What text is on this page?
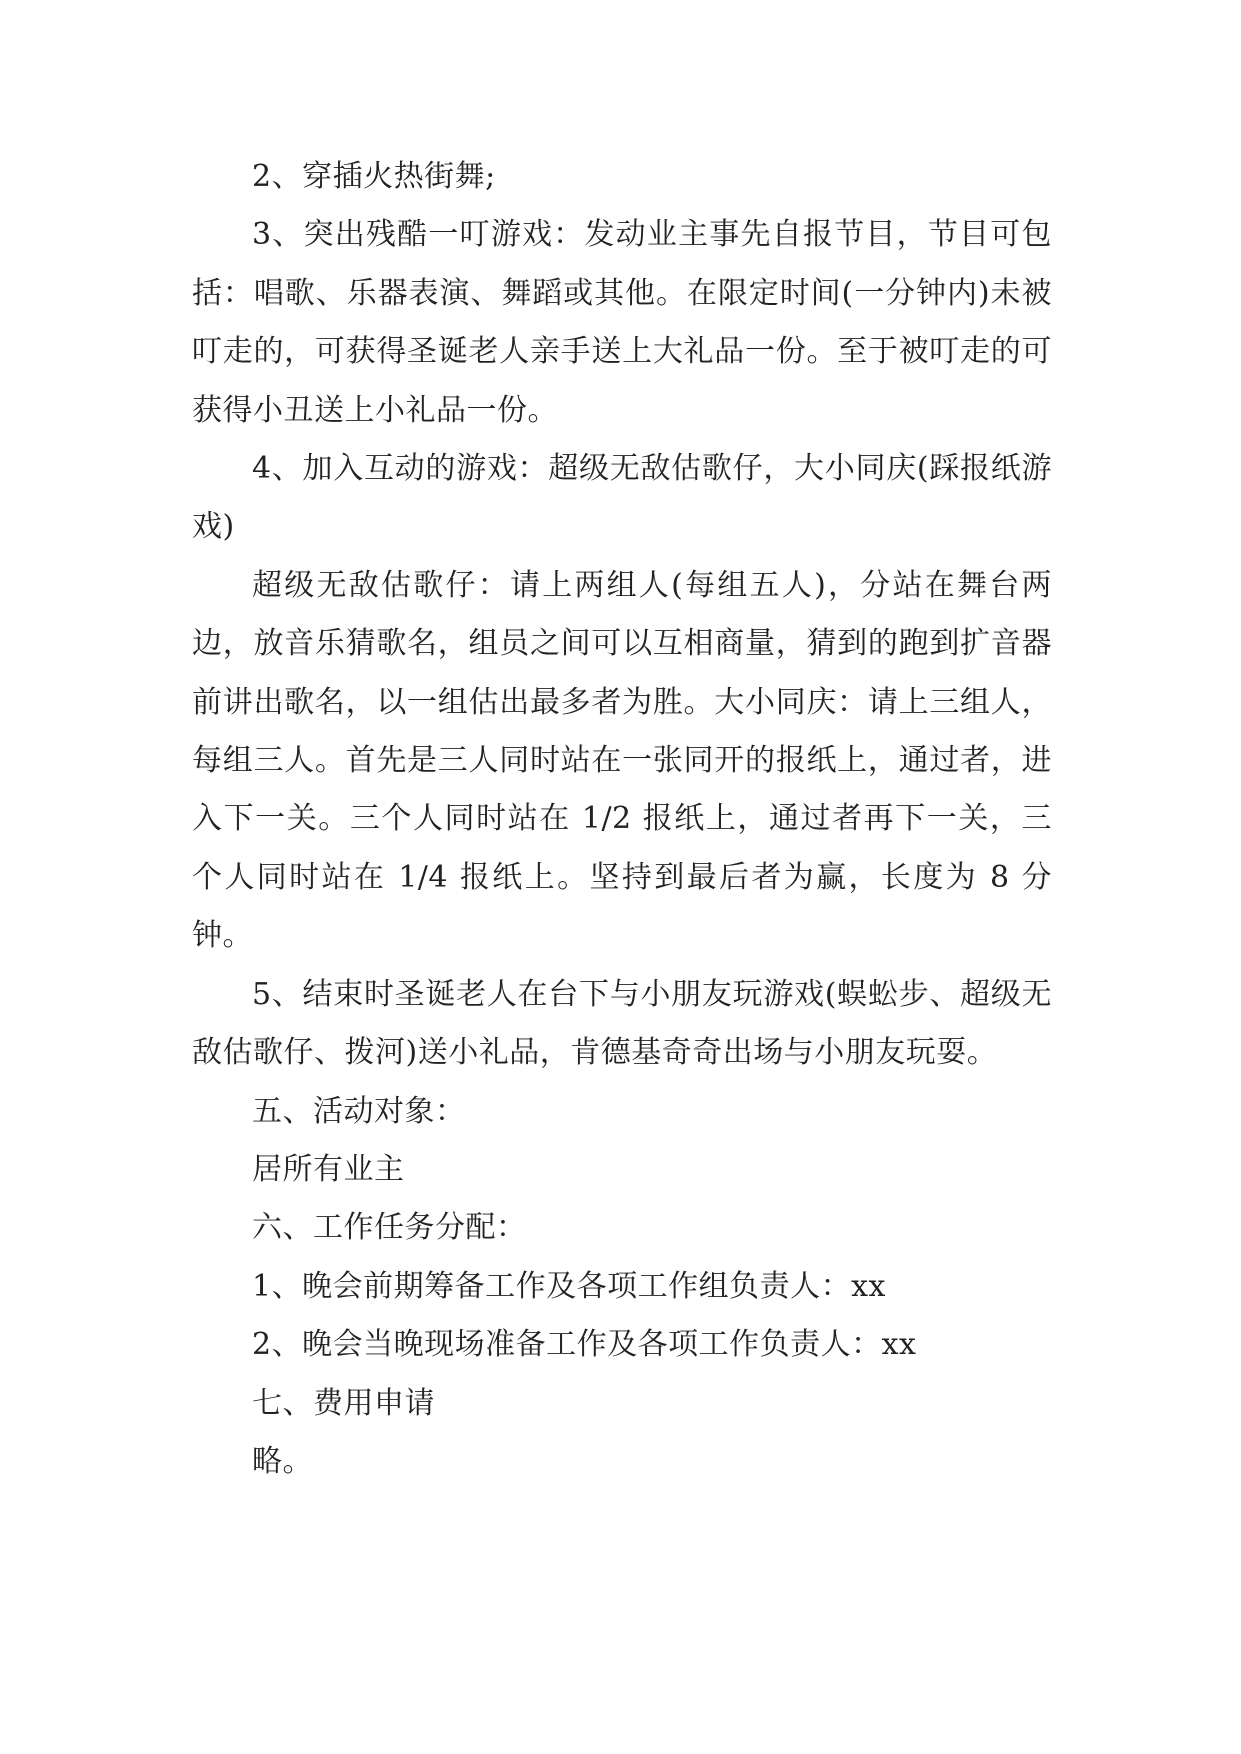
2、穿插火热街舞;

3、突出残酷一叮游戏：发动业主事先自报节目，节目可包括：唱歌、乐器表演、舞蹈或其他。在限定时间(一分钟内)未被叮走的，可获得圣诞老人亲手送上大礼品一份。至于被叮走的可获得小丑送上小礼品一份。

4、加入互动的游戏：超级无敌估歌仔，大小同庆(踩报纸游戏)

超级无敌估歌仔：请上两组人(每组五人)，分站在舞台两边，放音乐猜歌名，组员之间可以互相商量，猜到的跑到扩音器前讲出歌名，以一组估出最多者为胜。大小同庆：请上三组人，每组三人。首先是三人同时站在一张同开的报纸上，通过者，进入下一关。三个人同时站在 1/2 报纸上，通过者再下一关，三个人同时站在 1/4 报纸上。坚持到最后者为赢，长度为 8 分钟。

5、结束时圣诞老人在台下与小朋友玩游戏(蜈蚣步、超级无敌估歌仔、拨河)送小礼品，肯德基奇奇出场与小朋友玩耍。

五、活动对象：

居所有业主

六、工作任务分配：

1、晚会前期筹备工作及各项工作组负责人：xx

2、晚会当晚现场准备工作及各项工作负责人：xx

七、费用申请

略。
